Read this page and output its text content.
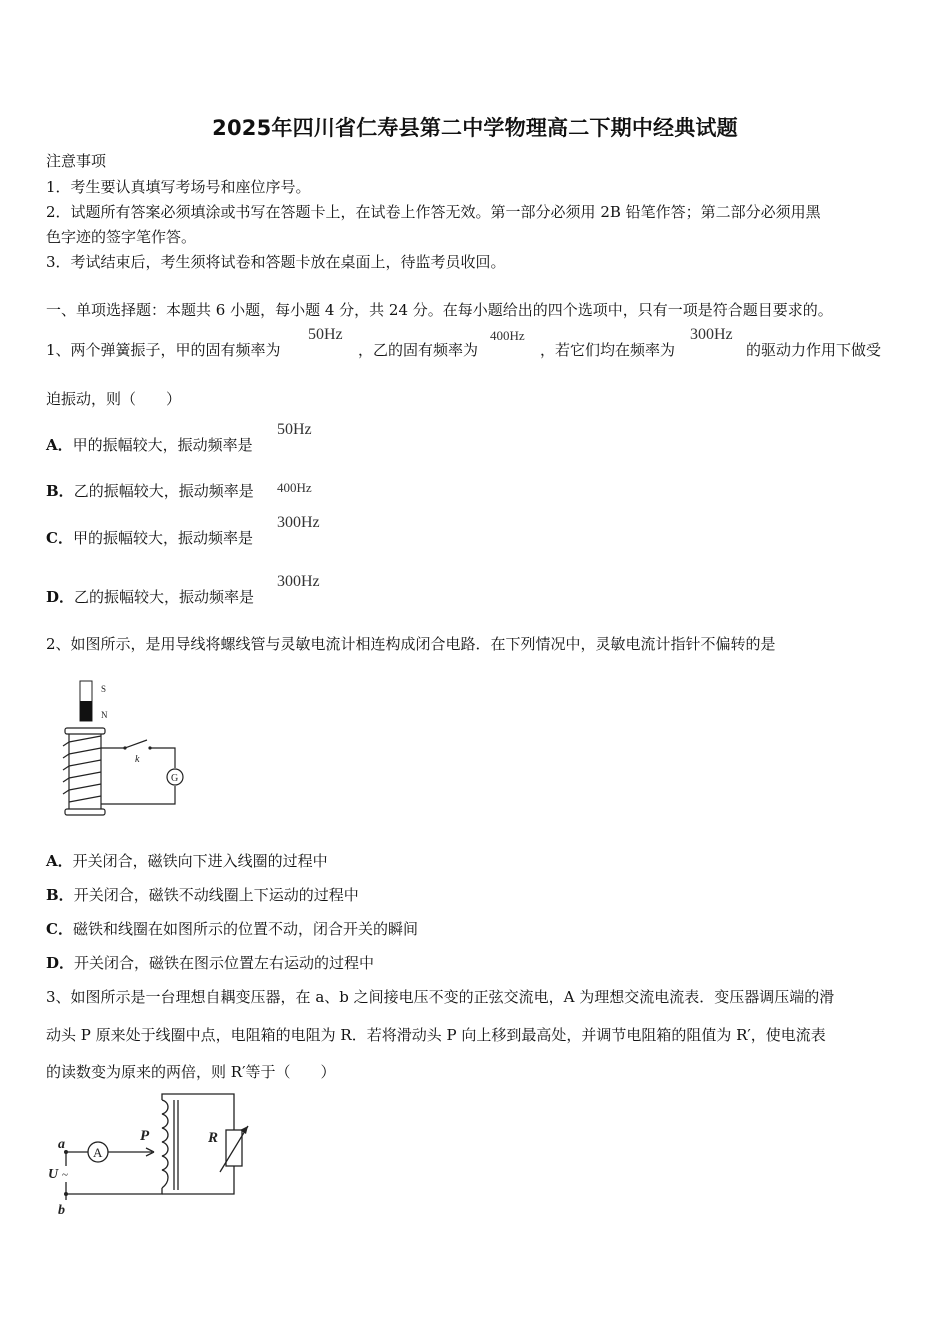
2025年四川省仁寿县第二中学物理高二下期中经典试题
注意事项
1．考生要认真填写考场号和座位序号。
2．试题所有答案必须填涂或书写在答题卡上，在试卷上作答无效。第一部分必须用 2B 铅笔作答；第二部分必须用黑
色字迹的签字笔作答。
3．考试结束后，考生须将试卷和答题卡放在桌面上，待监考员收回。
一、单项选择题：本题共 6 小题，每小题 4 分，共 24 分。在每小题给出的四个选项中，只有一项是符合题目要求的。
1、两个弹簧振子，甲的固有频率为
50Hz
，乙的固有频率为
400Hz
，若它们均在频率为
300Hz
的驱动力作用下做受
迫振动，则（　　）
A．甲的振幅较大，振动频率是
50Hz
B．乙的振幅较大，振动频率是 400Hz
C．甲的振幅较大，振动频率是
300Hz
D．乙的振幅较大，振动频率是
300Hz
2、如图所示，是用导线将螺线管与灵敏电流计相连构成闭合电路．在下列情况中，灵敏电流计指针不偏转的是
S
N
k
G
A．开关闭合，磁铁向下进入线圈的过程中
B．开关闭合，磁铁不动线圈上下运动的过程中
C．磁铁和线圈在如图所示的位置不动，闭合开关的瞬间
D．开关闭合，磁铁在图示位置左右运动的过程中
3、如图所示是一台理想自耦变压器，在 a、b 之间接电压不变的正弦交流电，A 为理想交流电流表．变压器调压端的滑
动头 P 原来处于线圈中点，电阻箱的电阻为 R．若将滑动头 P 向上移到最高处，并调节电阻箱的阻值为 R′，使电流表
的读数变为原来的两倍，则 R′等于（　　）
a
b
U ~
A
P	R
